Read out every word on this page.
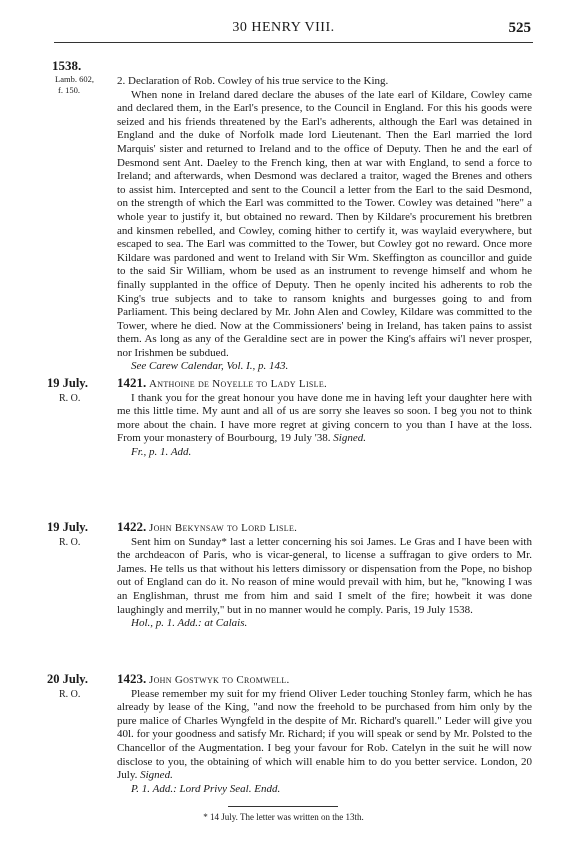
30 HENRY VIII.	525
1538.
Lamb. 602,
f. 150.

2. Declaration of Rob. Cowley of his true service to the King.

When none in Ireland dared declare the abuses of the late earl of Kildare, Cowley came and declared them, in the Earl's presence, to the Council in England. For this his goods were seized and his friends threatened by the Earl's adherents, although the Earl was detained in England and the duke of Norfolk made lord Lieutenant. Then the Earl married the lord Marquis' sister and returned to Ireland and to the office of Deputy. Then he and the earl of Desmond sent Ant. Daeley to the French king, then at war with England, to send a force to Ireland; and afterwards, when Desmond was declared a traitor, waged the Brenes and others to assist him. Intercepted and sent to the Council a letter from the Earl to the said Desmond, on the strength of which the Earl was committed to the Tower. Cowley was detained "here" a whole year to justify it, but obtained no reward. Then by Kildare's procurement his bretbren and kinsmen rebelled, and Cowley, coming hither to certify it, was waylaid everywhere, but escaped to sea. The Earl was committed to the Tower, but Cowley got no reward. Once more Kildare was pardoned and went to Ireland with Sir Wm. Skeffington as councillor and guide to the said Sir William, whom be used as an instrument to revenge himself and whom he finally supplanted in the office of Deputy. Then he openly incited his adherents to rob the King's true subjects and to take to ransom knights and burgesses going to and from Parliament. This being declared by Mr. John Alen and Cowley, Kildare was committed to the Tower, where he died. Now at the Commissioners' being in Ireland, has taken pains to assist them. As long as any of the Geraldine sect are in power the King's affairs wi'l never prosper, nor Irishmen be subdued.

See Carew Calendar, Vol. I., p. 143.

19 July.
R. O.

1421. Anthoine de Noyelle to Lady Lisle.

I thank you for the great honour you have done me in having left your daughter here with me this little time. My aunt and all of us are sorry she leaves so soon. I beg you not to think more about the chain. I have more regret at giving concern to you than I have at the loss. From your monastery of Bourbourg, 19 July '38. Signed.

Fr., p. 1. Add.

19 July.
R. O.

1422. John Bekynsaw to Lord Lisle.

Sent him on Sunday* last a letter concerning his soi James. Le Gras and I have been with the archdeacon of Paris, who is vicar-general, to license a suffragan to give orders to Mr. James. He tells us that without his letters dimissory or dispensation from the Pope, no bishop out of England can do it. No reason of mine would prevail with him, but he, "knowing I was an Englishman, thrust me from him and said I smelt of the fire; howbeit it was done laughingly and merrily," but in no manner would he comply. Paris, 19 July 1538.

Hol., p. 1. Add.: at Calais.

20 July.
R. O.

1423. John Gostwyk to Cromwell.

Please remember my suit for my friend Oliver Leder touching Stonley farm, which he has already by lease of the King, "and now the freehold to be purchased from him only by the pure malice of Charles Wyngfeld in the despite of Mr. Richard's quarell." Leder will give you 40l. for your goodness and satisfy Mr. Richard; if you will speak or send by Mr. Polsted to the Chancellor of the Augmentation. I beg your favour for Rob. Catelyn in the suit he will now disclose to you, the obtaining of which will enable him to do you better service. London, 20 July. Signed.

P. 1. Add.: Lord Privy Seal. Endd.

* 14 July. The letter was written on the 13th.
